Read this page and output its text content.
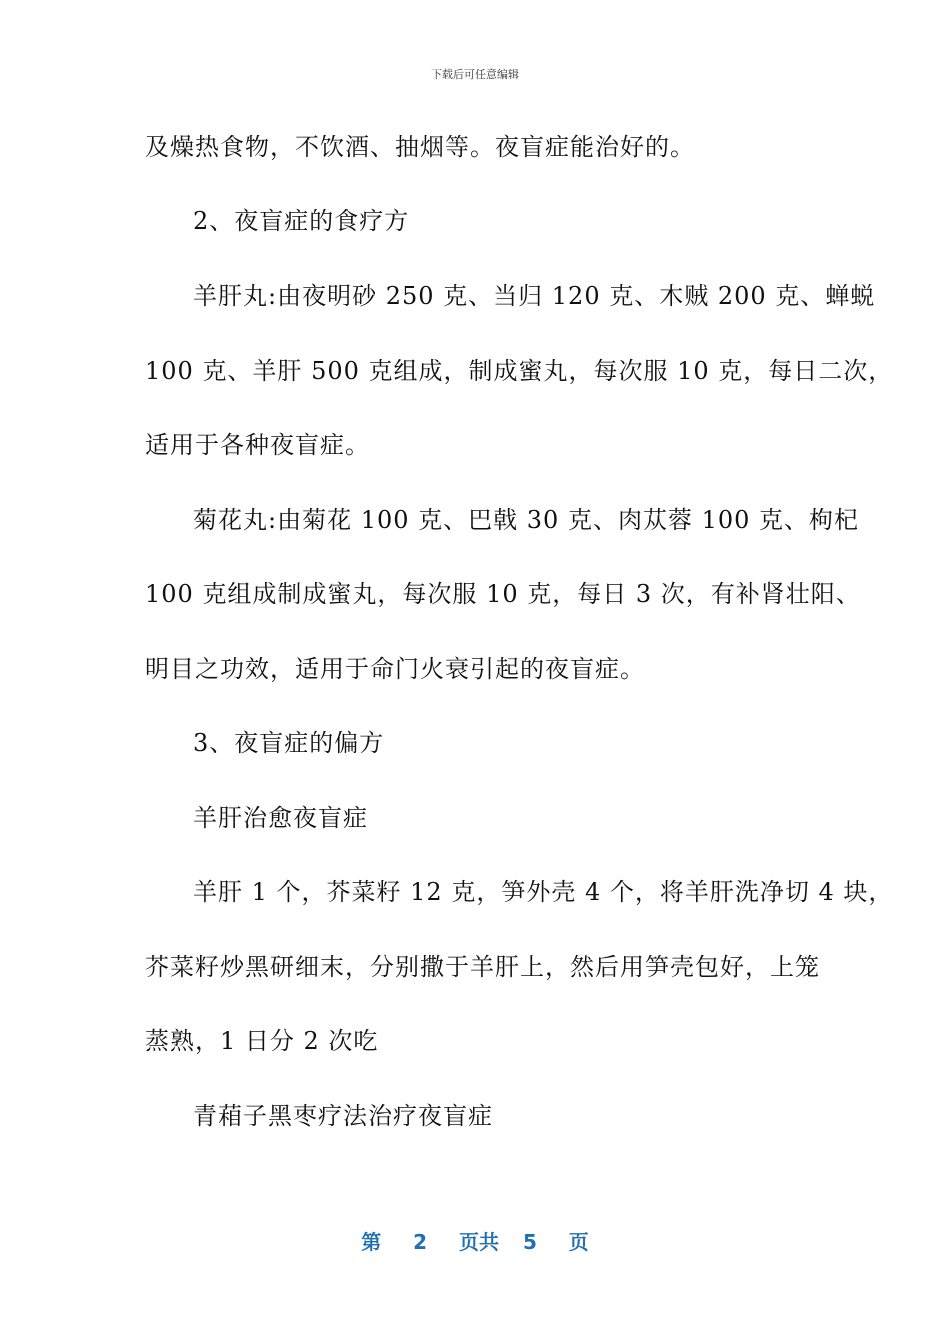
下载后可任意编辑
及燥热食物，不饮酒、抽烟等。夜盲症能治好的。
2、夜盲症的食疗方
羊肝丸:由夜明砂 250 克、当归 120 克、木贼 200 克、蝉蜕
100 克、羊肝 500 克组成，制成蜜丸，每次服 10 克，每日二次，
适用于各种夜盲症。
菊花丸:由菊花 100 克、巴戟 30 克、肉苁蓉 100 克、枸杞
100 克组成制成蜜丸，每次服 10 克，每日 3 次，有补肾壮阳、
明目之功效，适用于命门火衰引起的夜盲症。
3、夜盲症的偏方
羊肝治愈夜盲症
羊肝 1 个，芥菜籽 12 克，笋外壳 4 个，将羊肝洗净切 4 块，
芥菜籽炒黑研细末，分别撒于羊肝上，然后用笋壳包好，上笼
蒸熟，1 日分 2 次吃
青葙子黑枣疗法治疗夜盲症
第 2 页共 5 页
